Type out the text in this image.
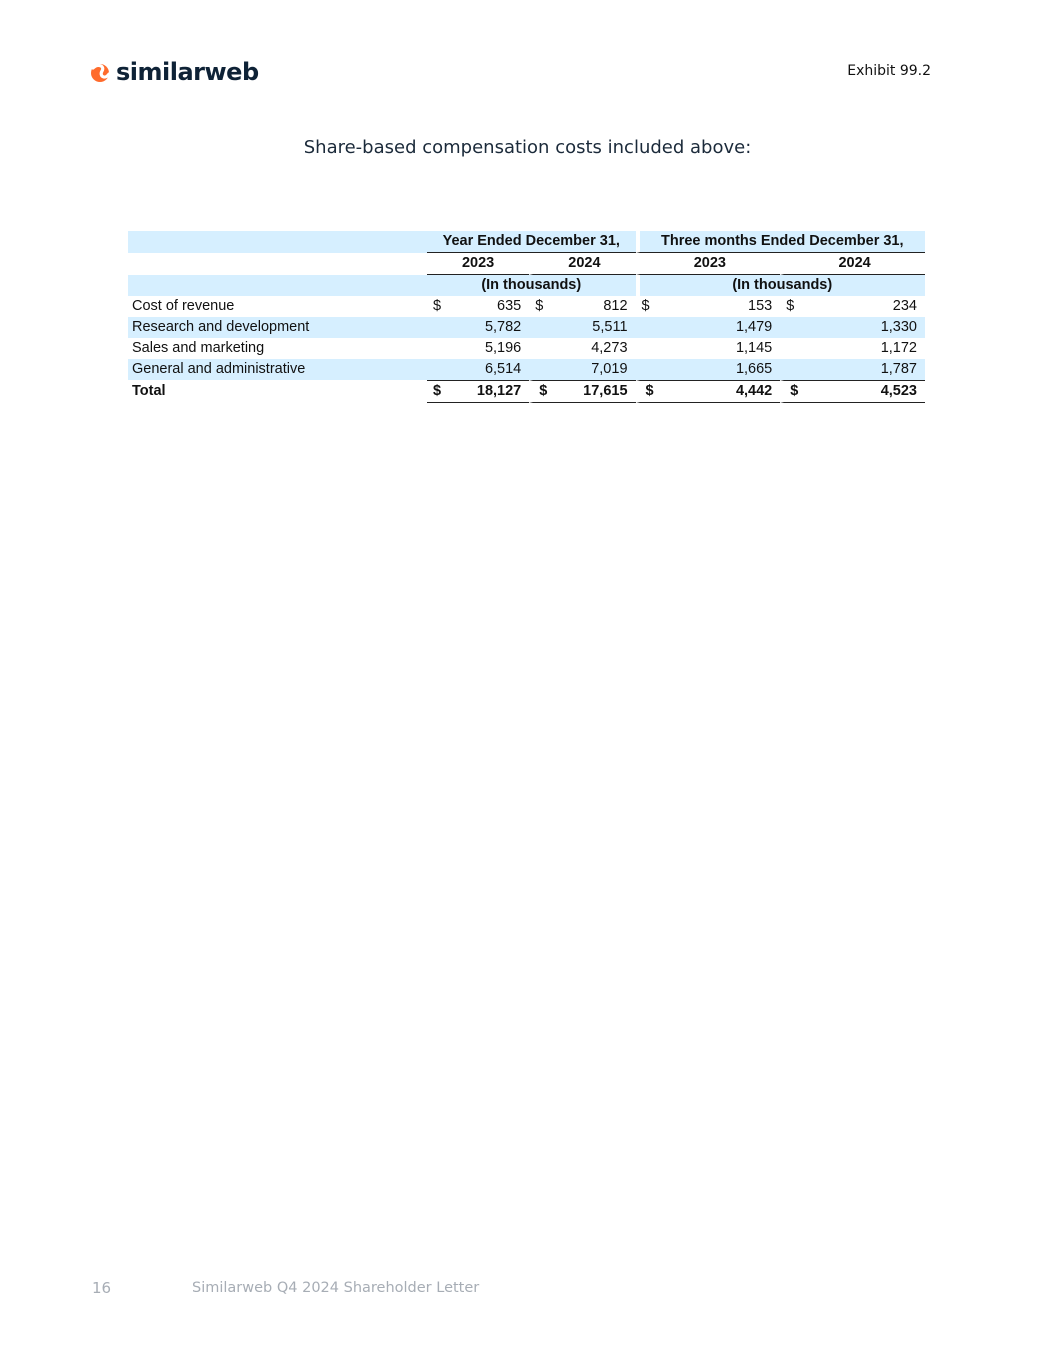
similarweb	Exhibit 99.2
Share-based compensation costs included above:
	Year Ended December 31,				Three months Ended December 31,			
	2023		2024		2023		2024	
	(In thousands)				(In thousands)			
Cost of revenue	$	635	$	812	$	153	$	234
Research and development		5,782		5,511		1,479		1,330
Sales and marketing		5,196		4,273		1,145		1,172
General and administrative		6,514		7,019		1,665		1,787
Total	$	18,127	$	17,615	$	4,442	$	4,523
16	Similarweb Q4 2024 Shareholder Letter
